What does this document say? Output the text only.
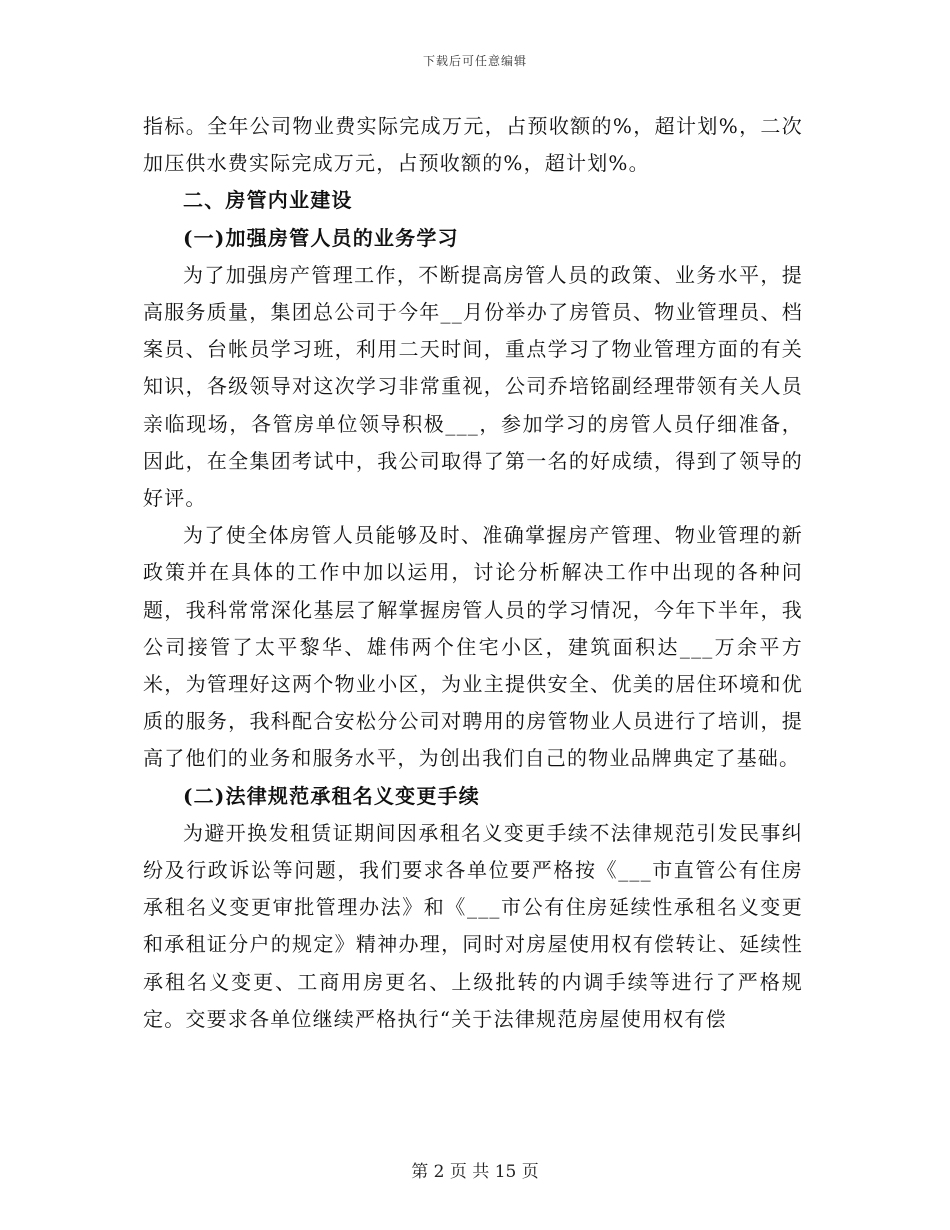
下载后可任意编辑

指标。全年公司物业费实际完成万元，占预收额的%，超计划%，二次加压供水费实际完成万元，占预收额的%，超计划%。

二、房管内业建设

(一)加强房管人员的业务学习

为了加强房产管理工作，不断提高房管人员的政策、业务水平，提高服务质量，集团总公司于今年__月份举办了房管员、物业管理员、档案员、台帐员学习班，利用二天时间，重点学习了物业管理方面的有关知识，各级领导对这次学习非常重视，公司乔培铭副经理带领有关人员亲临现场，各管房单位领导积极___，参加学习的房管人员仔细准备，因此，在全集团考试中，我公司取得了第一名的好成绩，得到了领导的好评。

为了使全体房管人员能够及时、准确掌握房产管理、物业管理的新政策并在具体的工作中加以运用，讨论分析解决工作中出现的各种问题，我科常常深化基层了解掌握房管人员的学习情况，今年下半年，我公司接管了太平黎华、雄伟两个住宅小区，建筑面积达___万余平方米，为管理好这两个物业小区，为业主提供安全、优美的居住环境和优质的服务，我科配合安松分公司对聘用的房管物业人员进行了培训，提高了他们的业务和服务水平，为创出我们自己的物业品牌典定了基础。

(二)法律规范承租名义变更手续

为避开换发租赁证期间因承租名义变更手续不法律规范引发民事纠纷及行政诉讼等问题，我们要求各单位要严格按《___市直管公有住房承租名义变更审批管理办法》和《___市公有住房延续性承租名义变更和承租证分户的规定》精神办理，同时对房屋使用权有偿转让、延续性承租名义变更、工商用房更名、上级批转的内调手续等进行了严格规定。交要求各单位继续严格执行“关于法律规范房屋使用权有偿

第 2 页 共 15 页
